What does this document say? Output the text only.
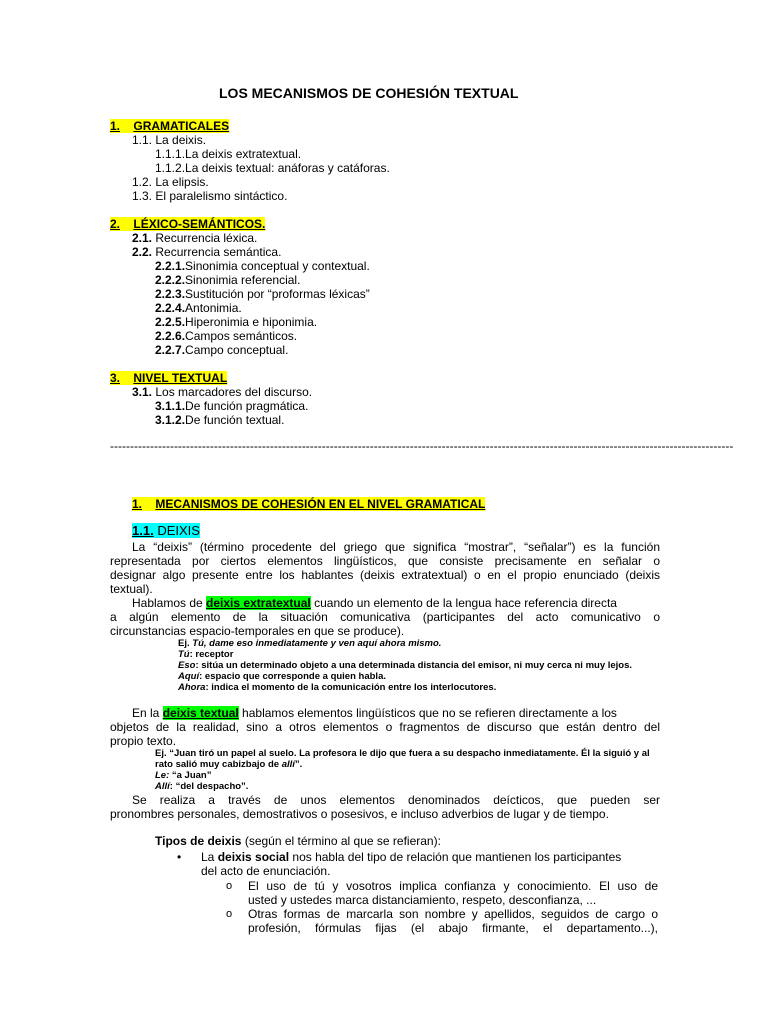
LOS MECANISMOS DE COHESIÓN TEXTUAL
1. GRAMATICALES
1.1. La deixis.
1.1.1.La deixis extratextual.
1.1.2.La deixis textual: anáforas y catáforas.
1.2. La elipsis.
1.3. El paralelismo sintáctico.
2. LÉXICO-SEMÁNTICOS.
2.1. Recurrencia léxica.
2.2. Recurrencia semántica.
2.2.1.Sinonimia conceptual y contextual.
2.2.2.Sinonimia referencial.
2.2.3.Sustitución por “proformas léxicas”
2.2.4.Antonimia.
2.2.5.Hiperonimia e hiponimia.
2.2.6.Campos semánticos.
2.2.7.Campo conceptual.
3. NIVEL TEXTUAL
3.1. Los marcadores del discurso.
3.1.1.De función pragmática.
3.1.2.De función textual.
------------------------------------------------------------------------------------------------------------------------------------------------------------
1. MECANISMOS DE COHESIÓN EN EL NIVEL GRAMATICAL
1.1. DEIXIS
La “deixis” (término procedente del griego que significa “mostrar”, “señalar”) es la función
representada por ciertos elementos lingüísticos, que consiste precisamente en señalar o
designar algo presente entre los hablantes (deixis extratextual) o en el propio enunciado (deixis
textual).
Hablamos de deixis extratextual cuando un elemento de la lengua hace referencia directa
a algún elemento de la situación comunicativa (participantes del acto comunicativo o
circunstancias espacio-temporales en que se produce).
Ej. Tú, dame eso inmediatamente y ven aquí ahora mismo.
Tú: receptor
Eso: sitúa un determinado objeto a una determinada distancia del emisor, ni muy cerca ni muy lejos.
Aquí: espacio que corresponde a quien habla.
Ahora: indica el momento de la comunicación entre los interlocutores.
En la deixis textual hablamos elementos lingüísticos que no se refieren directamente a los
objetos de la realidad, sino a otros elementos o fragmentos de discurso que están dentro del
propio texto.
Ej. “Juan tiró un papel al suelo. La profesora le dijo que fuera a su despacho inmediatamente. Él la siguió y al
rato salió muy cabizbajo de allí”.
Le: “a Juan”
Allí: “del despacho”.
Se realiza a través de unos elementos denominados deícticos, que pueden ser
pronombres personales, demostrativos o posesivos, e incluso adverbios de lugar y de tiempo.
Tipos de deixis (según el término al que se refieran):
• La deixis social nos habla del tipo de relación que mantienen los participantes
del acto de enunciación.
o El uso de tú y vosotros implica confianza y conocimiento. El uso de
usted y ustedes marca distanciamiento, respeto, desconfianza, ...
o Otras formas de marcarla son nombre y apellidos, seguidos de cargo o
profesión, fórmulas fijas (el abajo firmante, el departamento...),
